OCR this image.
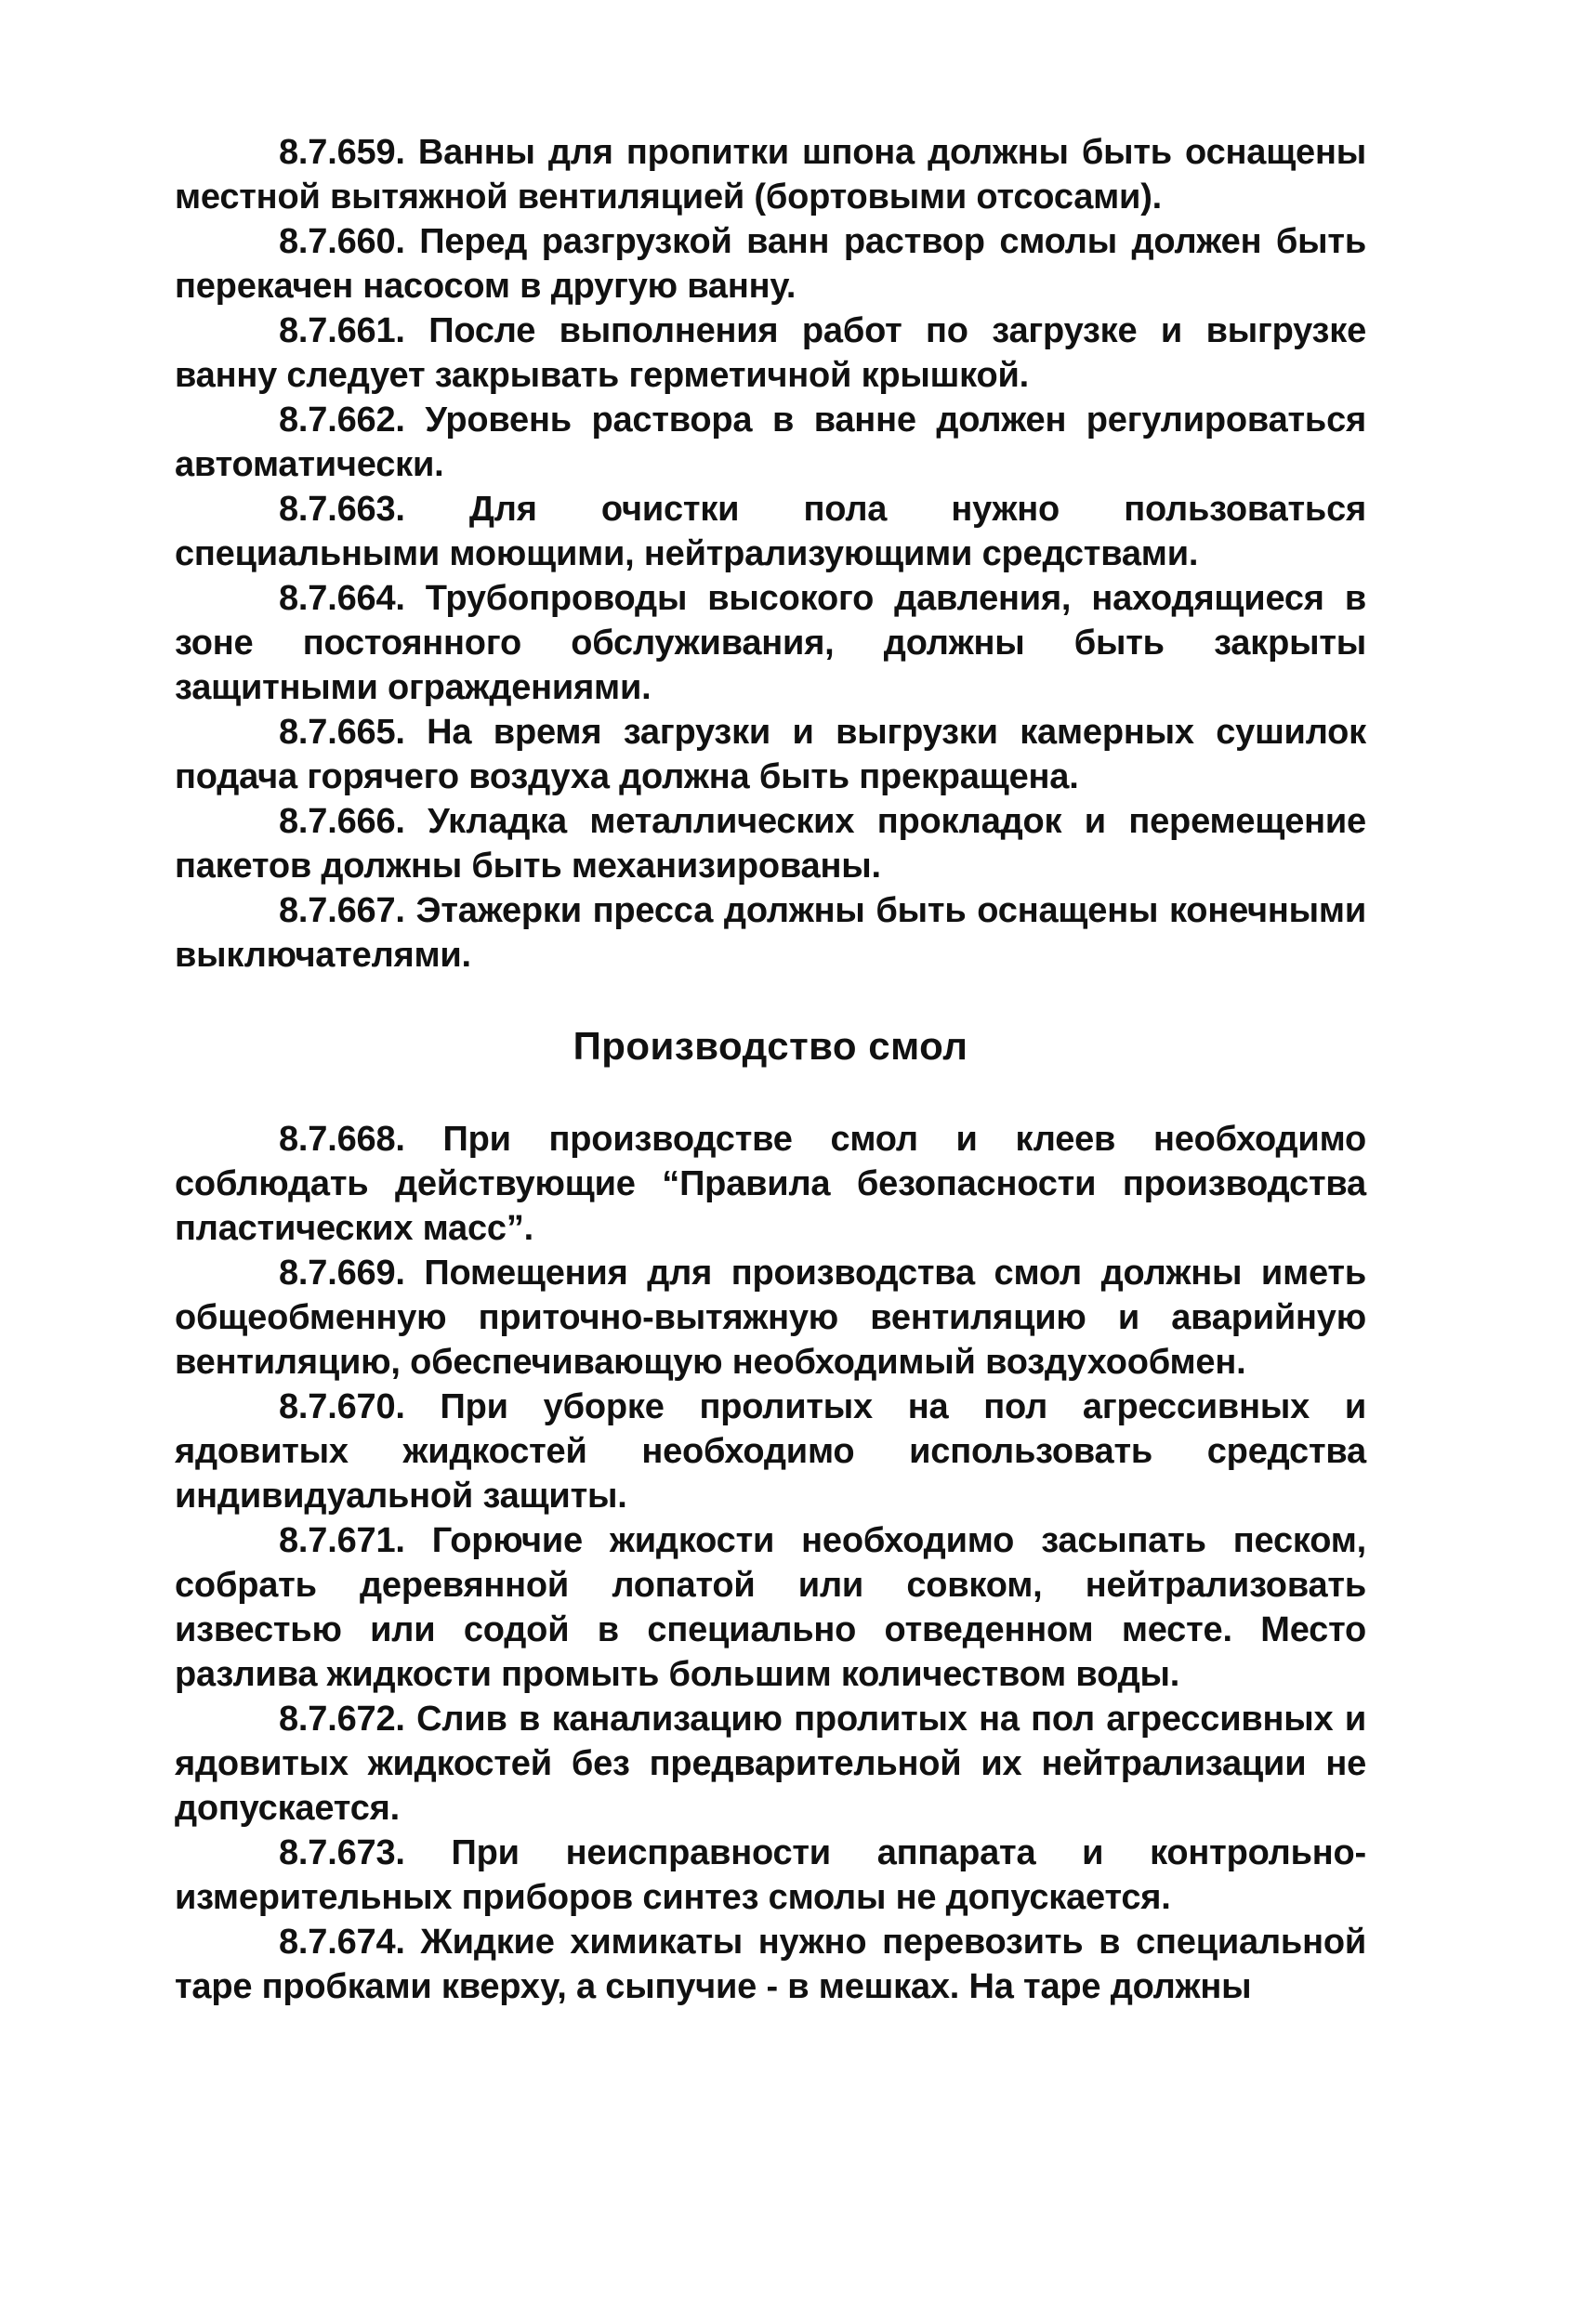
8.7.659. Ванны для пропитки шпона должны быть оснащены местной вытяжной вентиляцией (бортовыми отсосами).

8.7.660. Перед разгрузкой ванн раствор смолы должен быть перекачен насосом в другую ванну.

8.7.661. После выполнения работ по загрузке и выгрузке ванну следует закрывать герметичной крышкой.

8.7.662. Уровень раствора в ванне должен регулироваться автоматически.

8.7.663. Для очистки пола нужно пользоваться специальными моющими, нейтрализующими средствами.

8.7.664. Трубопроводы высокого давления, находящиеся в зоне постоянного обслуживания, должны быть закрыты защитными ограждениями.

8.7.665. На время загрузки и выгрузки камерных сушилок подача горячего воздуха должна быть прекращена.

8.7.666. Укладка металлических прокладок и перемещение пакетов должны быть механизированы.

8.7.667. Этажерки пресса должны быть оснащены конечными выключателями.

Производство смол

8.7.668. При производстве смол и клеев необходимо соблюдать действующие “Правила безопасности производства пластических масс”.

8.7.669. Помещения для производства смол должны иметь общеобменную приточно-вытяжную вентиляцию и аварийную вентиляцию, обеспечивающую необходимый воздухообмен.

8.7.670. При уборке пролитых на пол агрессивных и ядовитых жидкостей необходимо использовать средства индивидуальной защиты.

8.7.671. Горючие жидкости необходимо засыпать песком, собрать деревянной лопатой или совком, нейтрализовать известью или содой в специально отведенном месте. Место разлива жидкости промыть большим количеством воды.

8.7.672. Слив в канализацию пролитых на пол агрессивных и ядовитых жидкостей без предварительной их нейтрализации не допускается.

8.7.673. При неисправности аппарата и контрольно-измерительных приборов синтез смолы не допускается.

8.7.674. Жидкие химикаты нужно перевозить в специальной таре пробками кверху, а сыпучие - в мешках. На таре должны
